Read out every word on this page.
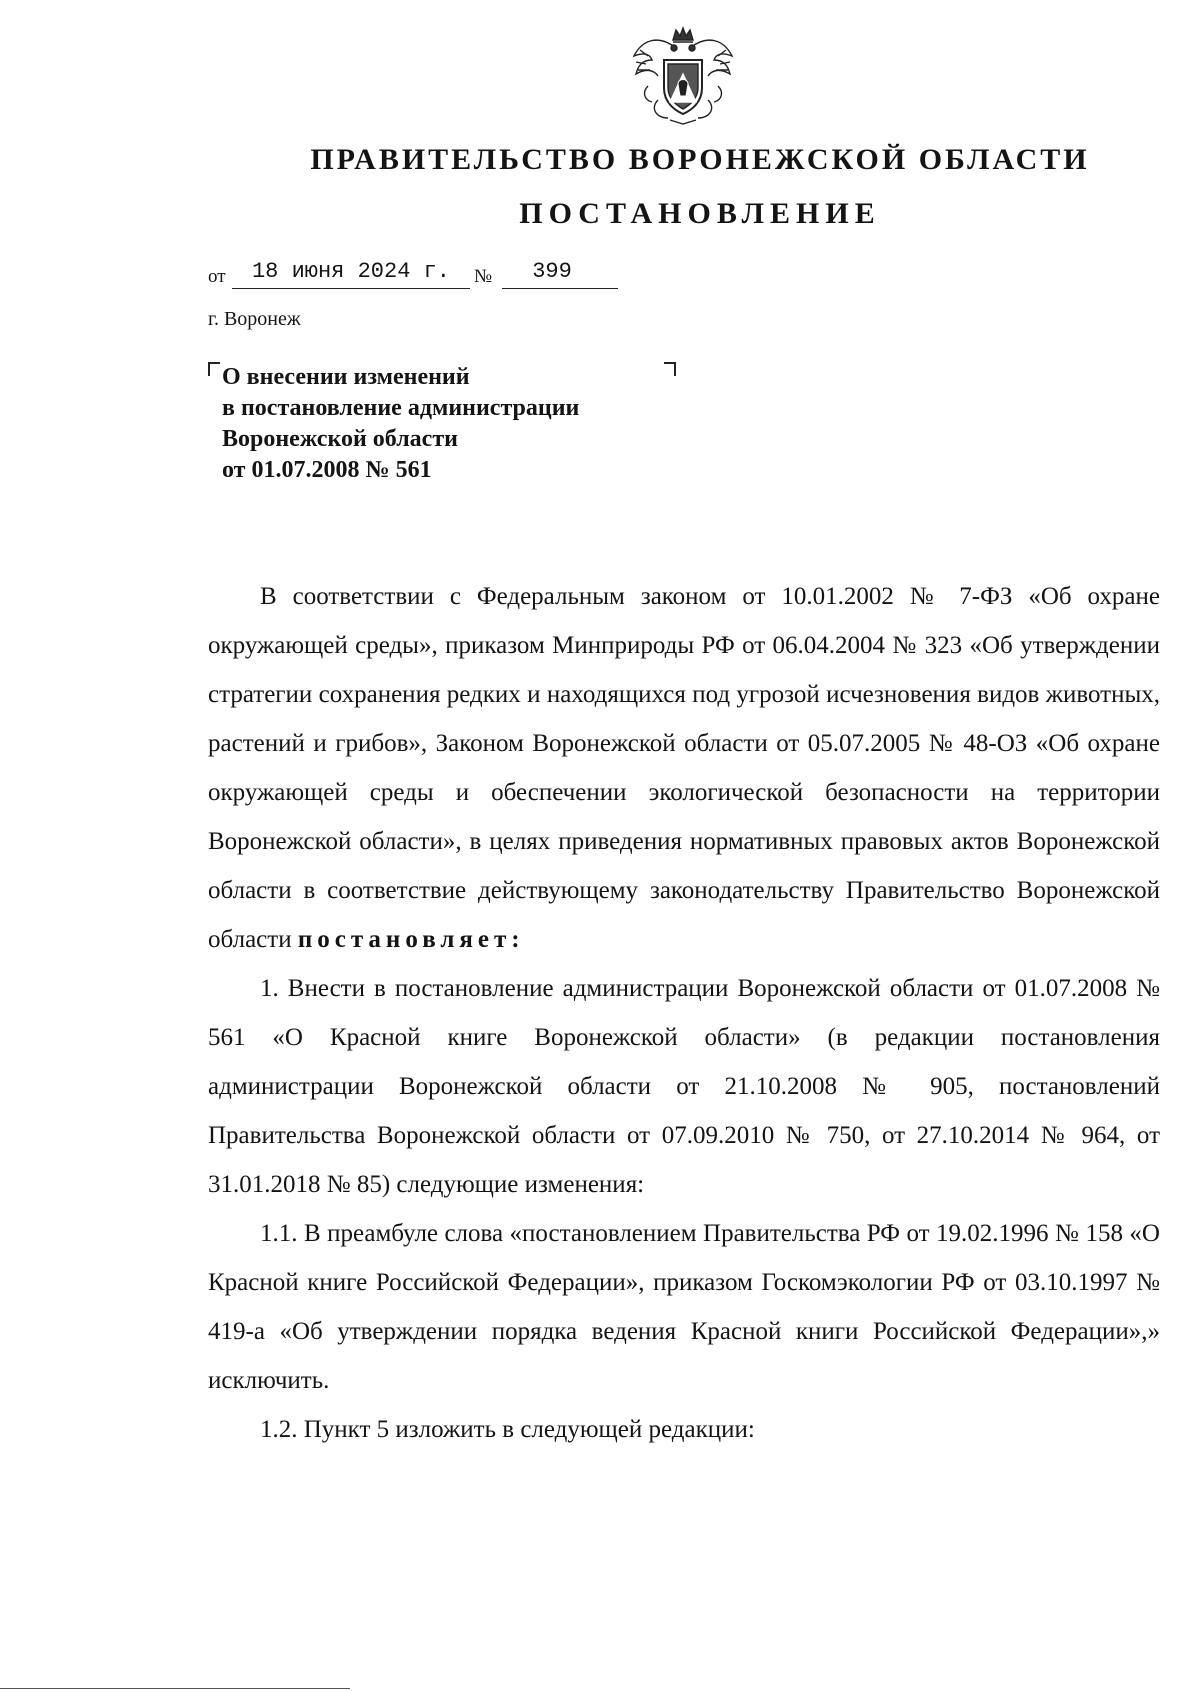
ПРАВИТЕЛЬСТВО ВОРОНЕЖСКОЙ ОБЛАСТИ
ПОСТАНОВЛЕНИЕ
от	18 июня 2024 г.	№	399
г. Воронеж
О внесении изменений
в постановление администрации
Воронежской области
от 01.07.2008 № 561

В соответствии с Федеральным законом от 10.01.2002 № 7-ФЗ «Об охране окружающей среды», приказом Минприроды РФ от 06.04.2004 № 323 «Об утверждении стратегии сохранения редких и находящихся под угрозой исчезновения видов животных, растений и грибов», Законом Воронежской области от 05.07.2005 № 48-ОЗ «Об охране окружающей среды и обеспечении экологической безопасности на территории Воронежской области», в целях приведения нормативных правовых актов Воронежской области в соответствие действующему законодательству Правительство Воронежской области постановляет:

1. Внести в постановление администрации Воронежской области от 01.07.2008 № 561 «О Красной книге Воронежской области» (в редакции постановления администрации Воронежской области от 21.10.2008 № 905, постановлений Правительства Воронежской области от 07.09.2010 № 750, от 27.10.2014 № 964, от 31.01.2018 № 85) следующие изменения:

1.1. В преамбуле слова «постановлением Правительства РФ от 19.02.1996 № 158 «О Красной книге Российской Федерации», приказом Госкомэкологии РФ от 03.10.1997 № 419-а «Об утверждении порядка ведения Красной книги Российской Федерации»,» исключить.

1.2. Пункт 5 изложить в следующей редакции:
